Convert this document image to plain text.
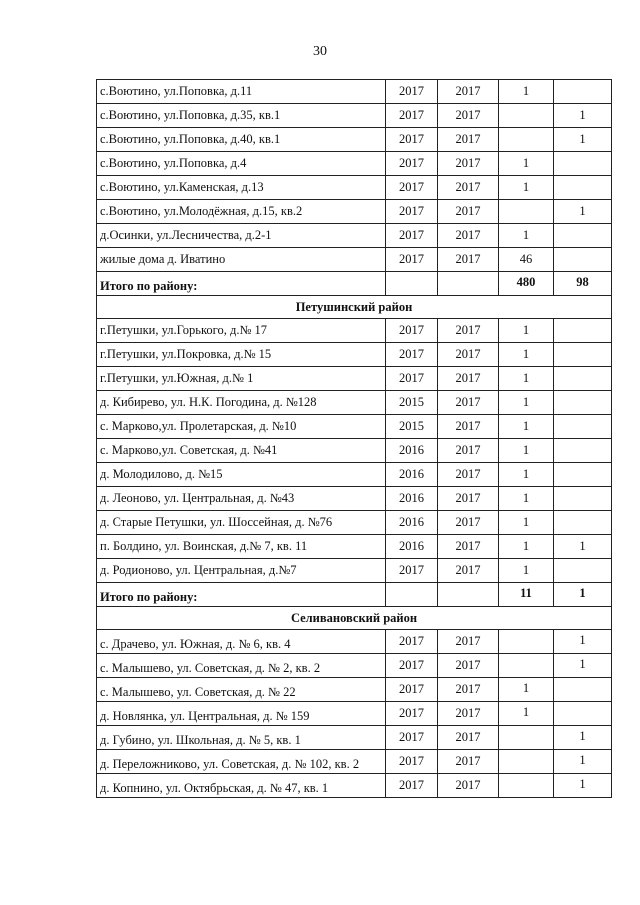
30
с.Воютино, ул.Поповка, д.11	2017	2017	1	
с.Воютино, ул.Поповка, д.35, кв.1	2017	2017		1
с.Воютино, ул.Поповка, д.40, кв.1	2017	2017		1
с.Воютино, ул.Поповка, д.4	2017	2017	1	
с.Воютино, ул.Каменская, д.13	2017	2017	1	
с.Воютино, ул.Молодёжная, д.15, кв.2	2017	2017		1
д.Осинки, ул.Лесничества, д.2-1	2017	2017	1	
жилые дома д. Иватино	2017	2017	46	
Итого по району:			480	98
Петушинский район				
г.Петушки, ул.Горького, д.№ 17	2017	2017	1	
г.Петушки, ул.Покровка, д.№ 15	2017	2017	1	
г.Петушки, ул.Южная, д.№ 1	2017	2017	1	
д. Кибирево, ул. Н.К. Погодина, д. №128	2015	2017	1	
с. Марково,ул. Пролетарская, д. №10	2015	2017	1	
с. Марково,ул. Советская, д. №41	2016	2017	1	
д. Молодилово, д. №15	2016	2017	1	
д. Леоново, ул. Центральная, д. №43	2016	2017	1	
д. Старые Петушки, ул. Шоссейная, д. №76	2016	2017	1	
п. Болдино, ул. Воинская, д.№ 7, кв. 11	2016	2017	1	1
д. Родионово, ул. Центральная, д.№7	2017	2017	1	
Итого по району:			11	1
Селивановский район				
с. Драчево, ул. Южная, д. № 6, кв. 4	2017	2017		1
с. Малышево, ул. Советская, д. № 2, кв. 2	2017	2017		1
с. Малышево, ул. Советская, д. № 22	2017	2017	1	
д. Новлянка, ул. Центральная, д. № 159	2017	2017	1	
д. Губино, ул. Школьная, д. № 5, кв. 1	2017	2017		1
д. Переложниково, ул. Советская, д. № 102, кв. 2	2017	2017		1
д. Копнино, ул. Октябрьская, д. № 47, кв. 1	2017	2017		1
